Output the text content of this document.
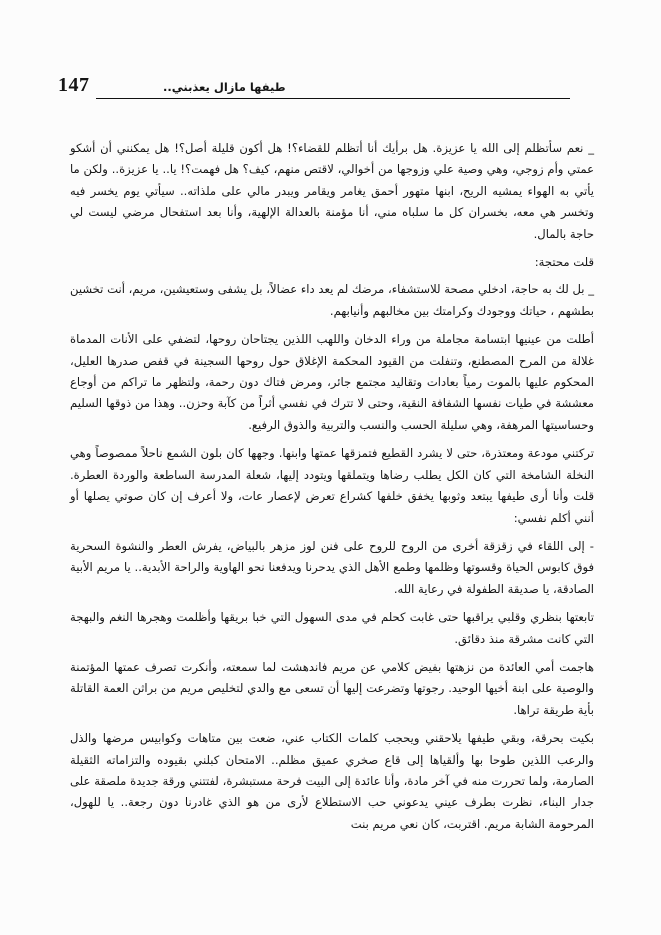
147	طيفها مازال يعذبني..

_ نعم سأتظلم إلى الله يا عزيزة. هل برأيك أنا أتظلم للقضاء؟! هل أكون قليلة أصل؟! هل يمكنني أن أشكو عمتي وأم زوجي، وهي وصية علي وزوجها من أخوالي، لاقتص منهم، كيف؟ هل فهمت؟! يا.. يا عزيزة.. ولكن ما يأتي به الهواء يمشيه الريح، ابنها متهور أحمق يغامر ويقامر ويبدر مالي على ملذاته.. سيأتي يوم يخسر فيه وتخسر هي معه، بخسران كل ما سلباه مني، أنا مؤمنة بالعدالة الإلهية، وأنا بعد استفحال مرضي ليست لي حاجة بالمال.

قلت محتجة:

_ بل لك به حاجة، ادخلي مصحة للاستشفاء، مرضك لم يعد داء عضالاً، بل يشفى وستعيشين، مريم، أنت تخشين بطشهم ، حياتك ووجودك وكرامتك بين مخالبهم وأنيابهم.

أطلت من عينيها ابتسامة مجاملة من وراء الدخان واللهب اللذين يجتاحان روحها، لتضفي على الأنات المدماة غلالة من المرح المصطنع، وتنفلت من القيود المحكمة الإغلاق حول روحها السجينة في قفص صدرها العليل، المحكوم عليها بالموت رمياً بعادات وتقاليد مجتمع جائر، ومرض فتاك دون رحمة، ولتظهر ما تراكم من أوجاع معششة في طيات نفسها الشفافة النقية، وحتى لا تترك في نفسي أثراً من كآبة وحزن.. وهذا من ذوقها السليم وحساسيتها المرهفة، وهي سليلة الحسب والنسب والتربية والذوق الرفيع.

تركتني مودعة ومعتذرة، حتى لا يشرد القطيع فتمزقها عمتها وابنها. وجهها كان بلون الشمع ناحلاً ممصوصاً وهي النخلة الشامخة التي كان الكل يطلب رضاها ويتملقها ويتودد إليها، شعلة المدرسة الساطعة والوردة العطرة. قلت وأنا أرى طيفها يبتعد وثوبها يخفق خلفها كشراع تعرض لإعصار عات، ولا أعرف إن كان صوتي يصلها أو أنني أكلم نفسي:

- إلى اللقاء في زقزقة أخرى من الروح للروح على فنن لوز مزهر بالبياض، يفرش العطر والنشوة السحرية فوق كابوس الحياة وقسوتها وظلمها وطمع الأهل الذي يدحرنا ويدفعنا نحو الهاوية والراحة الأبدية.. يا مريم الأبية الصادقة، يا صديقة الطفولة في رعاية الله.

تابعتها بنظري وقلبي يراقبها حتى غابت كحلم في مدى السهول التي خبا بريقها وأظلمت وهجرها النغم والبهجة التي كانت مشرقة منذ دقائق.

هاجمت أمي العائدة من نزهتها بفيض كلامي عن مريم فاندهشت لما سمعته، وأنكرت تصرف عمتها المؤتمنة والوصية على ابنة أخيها الوحيد. رجوتها وتضرعت إليها أن تسعى مع والدي لتخليص مريم من براثن العمة القاتلة بأية طريقة تراها.

بكيت بحرقة، وبقي طيفها يلاحقني ويحجب كلمات الكتاب عني، ضعت بين متاهات وكوابيس مرضها والذل والرعب اللذين طوحا بها وألقياها إلى قاع صخري عميق مظلم.. الامتحان كبلني بقيوده والتزاماته الثقيلة الصارمة، ولما تحررت منه في آخر مادة، وأنا عائدة إلى البيت فرحة مستبشرة، لفتتني ورقة جديدة ملصقة على جدار البناء، نظرت بطرف عيني يدعوني حب الاستطلاع لأرى من هو الذي غادرنا دون رجعة.. يا للهول، المرحومة الشابة مريم. اقتربت، كان نعي مريم بنت
